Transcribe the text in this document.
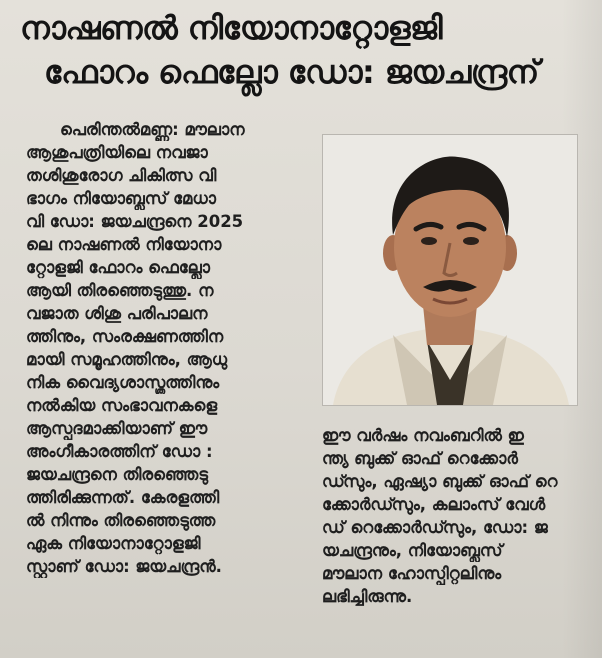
നാഷണൽ നിയോനാറ്റോളജി
ഫോറം ഫെല്ലോ ഡോ: ജയചന്ദ്രന്
പെരിന്തൽമണ്ണ: മൗലാന
ആശുപത്രിയിലെ നവജാ
തശിശുരോഗ ചികിത്സ വി
ഭാഗം നിയോബ്ലസ് മേധാ
വി ഡോ: ജയചന്ദ്രനെ 2025
ലെ നാഷണൽ നിയോനാ
റ്റോളജി ഫോറം ഫെല്ലോ
ആയി തിരഞ്ഞെടുത്തു. ന
വജാത ശിശു പരിപാലന
ത്തിനും, സംരക്ഷണത്തിന
മായി സമൂഹത്തിനും, ആധു
നിക വൈദ്യശാസ്ത്രത്തിനും
നൽകിയ സംഭാവനകളെ
ആസ്പദമാക്കിയാണ് ഈ
അംഗീകാരത്തിന് ഡോ :
ജയചന്ദ്രനെ തിരഞ്ഞെടു
ത്തിരിക്കുന്നത്. കേരളത്തി
ൽ നിന്നും തിരഞ്ഞെടുത്ത
ഏക നിയോനാറ്റോളജി
സ്റ്റാണ് ഡോ: ജയചന്ദ്രൻ.
ഈ വർഷം നവംബറിൽ ഇ
ന്ത്യ ബുക്ക് ഓഫ് റെക്കോർ
ഡ്സും, ഏഷ്യാ ബുക്ക് ഓഫ് റെ
ക്കോർഡ്സും, കലാംസ് വേൾ
ഡ് റെക്കോർഡ്സും, ഡോ: ജ
യചന്ദ്രനും, നിയോബ്ലസ്
മൗലാന ഹോസ്പിറ്റലിനും
ലഭിച്ചിരുന്നു.
